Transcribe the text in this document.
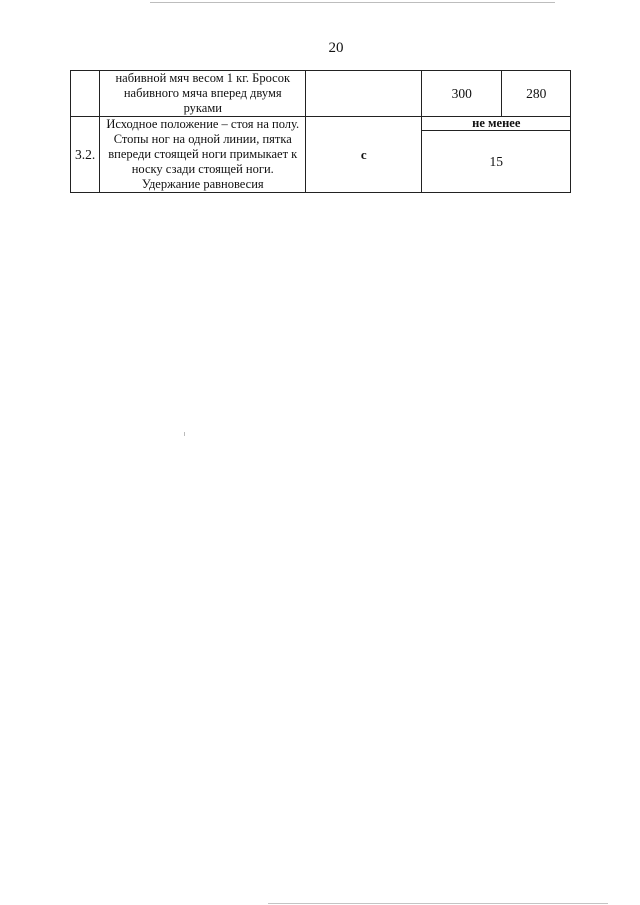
20

	набивной мяч весом 1 кг. Бросок
набивного мяча вперед двумя
руками		300	280
3.2.	Исходное положение – стоя на полу.
Стопы ног на одной линии, пятка
впереди стоящей ноги примыкает к
носку сзади стоящей ноги.
Удержание равновесия	с	не менее	
			15	
